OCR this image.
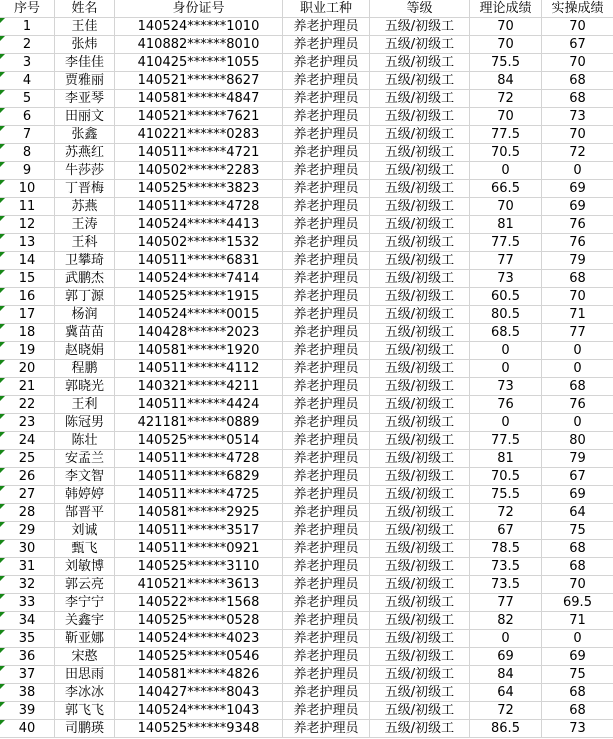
序号 姓名	身份证号	职业工种	等级	理论成绩 实操成绩
1	王佳	140524******1010	养老护理员 五级/初级工	70	70
2	张炜	410882******8010	养老护理员 五级/初级工	70	67
3	李佳佳	410425******1055	养老护理员 五级/初级工	75.5	70
4	贾雅丽	140521******8627	养老护理员 五级/初级工	84	68
5	李亚琴	140581******4847	养老护理员 五级/初级工	72	68
6	田丽文	140521******7621	养老护理员 五级/初级工	70	73
7	张鑫	410221******0283	养老护理员 五级/初级工	77.5	70
8	苏燕红	140511******4721	养老护理员 五级/初级工	70.5	72
9	牛莎莎	140502******2283	养老护理员 五级/初级工	0	0
10 丁晋梅	140525******3823	养老护理员 五级/初级工	66.5	69
11	苏燕	140511******4728	养老护理员 五级/初级工	70	69
12	王涛	140524******4413	养老护理员 五级/初级工	81	76
13	王科	140502******1532	养老护理员 五级/初级工	77.5	76
14 卫攀琦	140511******6831	养老护理员 五级/初级工	77	79
15 武鹏杰	140524******7414	养老护理员 五级/初级工	73	68
16 郭丁源	140525******1915	养老护理员 五级/初级工	60.5	70
17	杨润	140524******0015	养老护理员 五级/初级工	80.5	71
18 冀苗苗	140428******2023	养老护理员 五级/初级工	68.5	77
19 赵晓娟	140581******1920	养老护理员 五级/初级工	0	0
20	程鹏	140511******4112	养老护理员 五级/初级工	0	0
21 郭晓光	140321******4211	养老护理员 五级/初级工	73	68
22	王利	140511******4424	养老护理员 五级/初级工	76	76
23 陈冠男	421181******0889	养老护理员 五级/初级工	0	0
24	陈壮	140525******0514	养老护理员 五级/初级工	77.5	80
25 安孟兰	140511******4728	养老护理员 五级/初级工	81	79
26 李文智	140511******6829	养老护理员 五级/初级工	70.5	67
27 韩婷婷	140511******4725	养老护理员 五级/初级工	75.5	69
28 郜晋平	140581******2925	养老护理员 五级/初级工	72	64
29	刘诚	140511******3517	养老护理员 五级/初级工	67	75
30	甄飞	140511******0921	养老护理员 五级/初级工	78.5	68
31 刘敏博	140525******3110	养老护理员 五级/初级工	73.5	68
32 郭云亮	410521******3613	养老护理员 五级/初级工	73.5	70
33 李宁宁	140522******1568	养老护理员 五级/初级工	77	69.5
34 关鑫宇	140525******0528	养老护理员 五级/初级工	82	71
35 靳亚娜	140524******4023	养老护理员 五级/初级工	0	0
36	宋憨	140525******0546	养老护理员 五级/初级工	69	69
37 田思雨	140581******4826	养老护理员 五级/初级工	84	75
38 李冰冰	140427******8043	养老护理员 五级/初级工	64	68
39 郭飞飞	140524******1043	养老护理员 五级/初级工	72	68
40 司鹏瑛	140525******9348	养老护理员 五级/初级工	86.5	73
